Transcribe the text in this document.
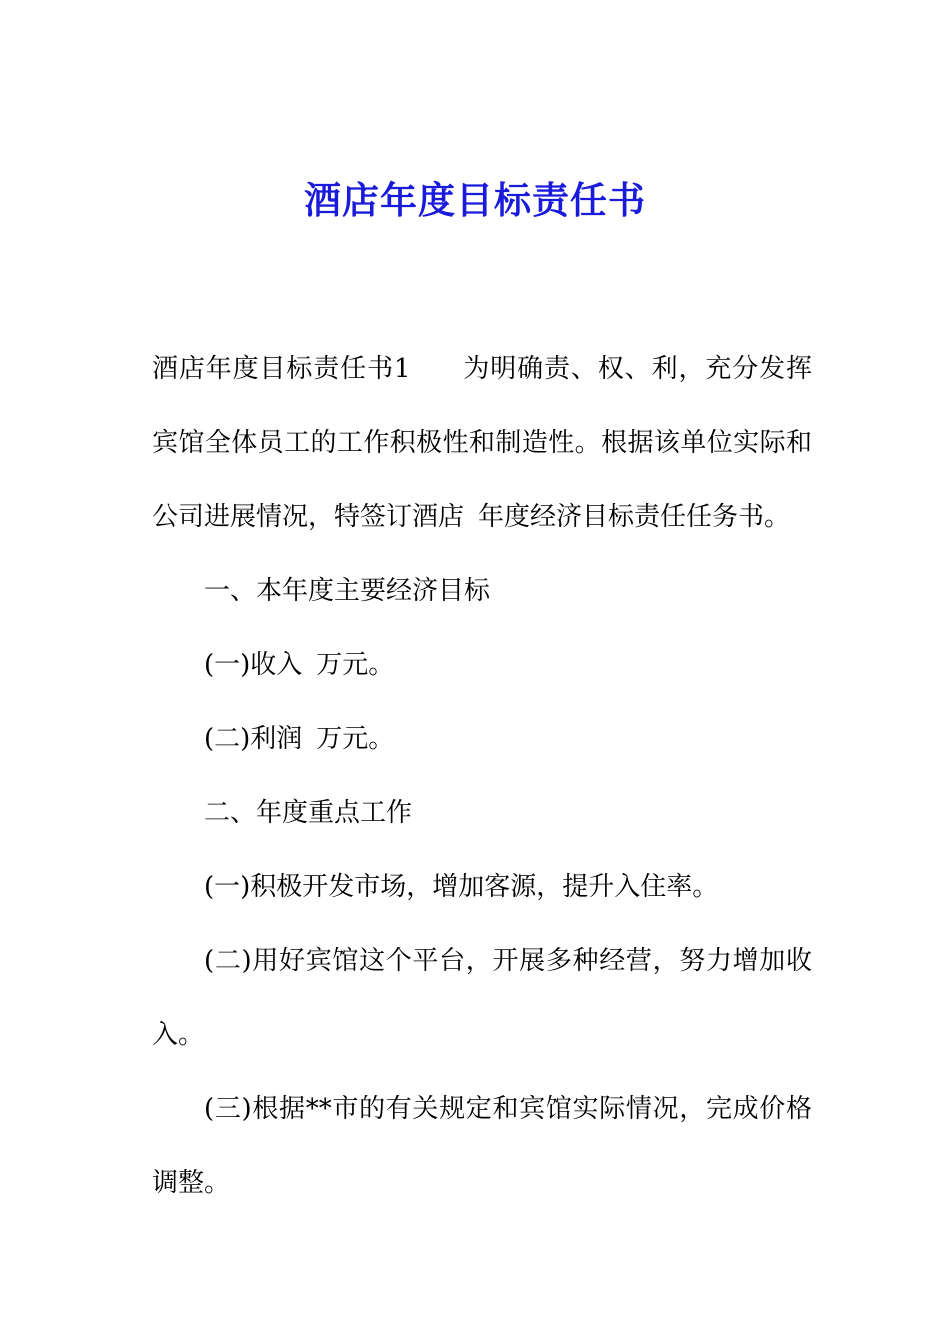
酒店年度目标责任书

酒店年度目标责任书1 为明确责、权、利，充分发挥宾馆全体员工的工作积极性和制造性。根据该单位实际和公司进展情况，特签订酒店 年度经济目标责任任务书。

一、本年度主要经济目标

(一)收入 万元。

(二)利润 万元。

二、年度重点工作

(一)积极开发市场，增加客源，提升入住率。

(二)用好宾馆这个平台，开展多种经营，努力增加收入。

(三)根据**市的有关规定和宾馆实际情况，完成价格调整。
